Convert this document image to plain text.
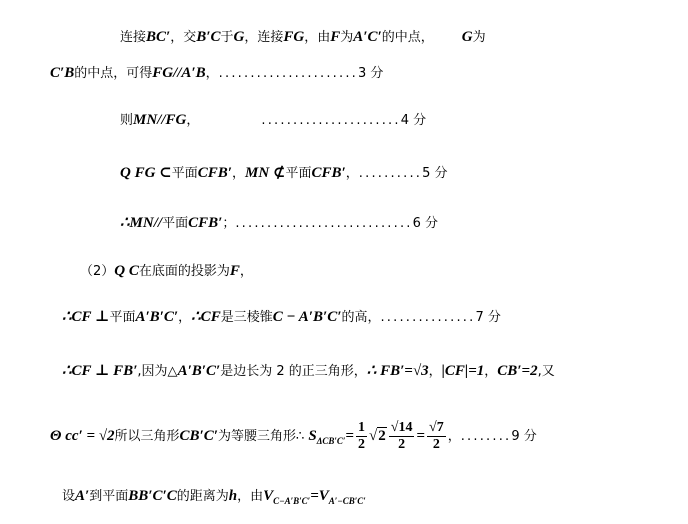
连接BC′，交B′C于G，连接FG，由F为A′C′的中点， G为
C′B的中点，可得FG//A′B，......................3 分
则MN//FG，	......................4 分
Q FG ⊂平面CFB′，MN ⊄平面CFB′，..........5 分
∴MN//平面CFB′；............................6 分
（2）Q C在底面的投影为F，
∴CF ⊥平面A′B′C′，∴CF是三棱锥C − A′B′C′的高，...............7 分
∴CF ⊥ FB′,因为△A′B′C′是边长为 2 的正三角形，∴ FB′=√3，|CF|=1，CB′=2,又
Θ cc′ = √2所以三角形CB′C′为等腰三角形∴ $S_{\Delta CB'C'}= \frac{1}{2} √2 \frac{√14}{2} = \frac{√7}{2}$ ，........9 分
设A′到平面BB′C′C的距离为h，由$V_{C-A'B'C'}=V_{A'-CB'C'}$
